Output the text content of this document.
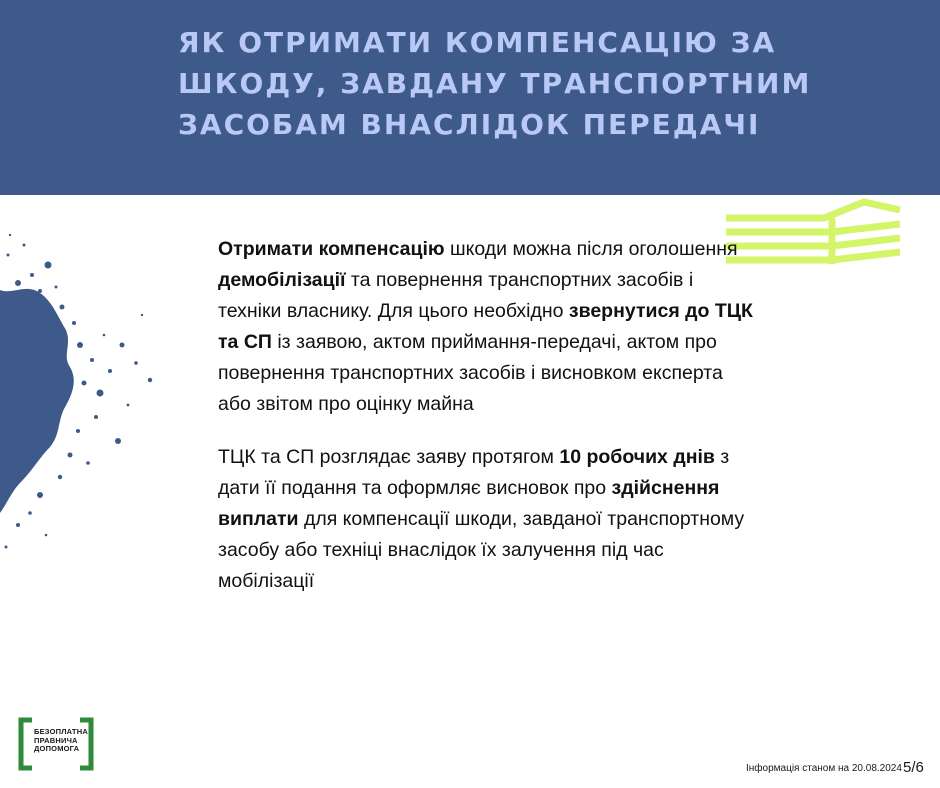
ЯК ОТРИМАТИ КОМПЕНСАЦІЮ ЗА ШКОДУ, ЗАВДАНУ ТРАНСПОРТНИМ ЗАСОБАМ ВНАСЛІДОК ПЕРЕДАЧІ

Отримати компенсацію шкоди можна після оголошення демобілізації та повернення транспортних засобів і техніки власнику. Для цього необхідно звернутися до ТЦК та СП із заявою, актом приймання-передачі, актом про повернення транспортних засобів і висновком експерта або звітом про оцінку майна

ТЦК та СП розглядає заяву протягом 10 робочих днів з дати її подання та оформляє висновок про здійснення виплати для компенсації шкоди, завданої транспортному засобу або техніці внаслідок їх залучення під час мобілізації

БЕЗОПЛАТНА
ПРАВНИЧА
ДОПОМОГА
Інформація станом на 20.08.2024 5/6
